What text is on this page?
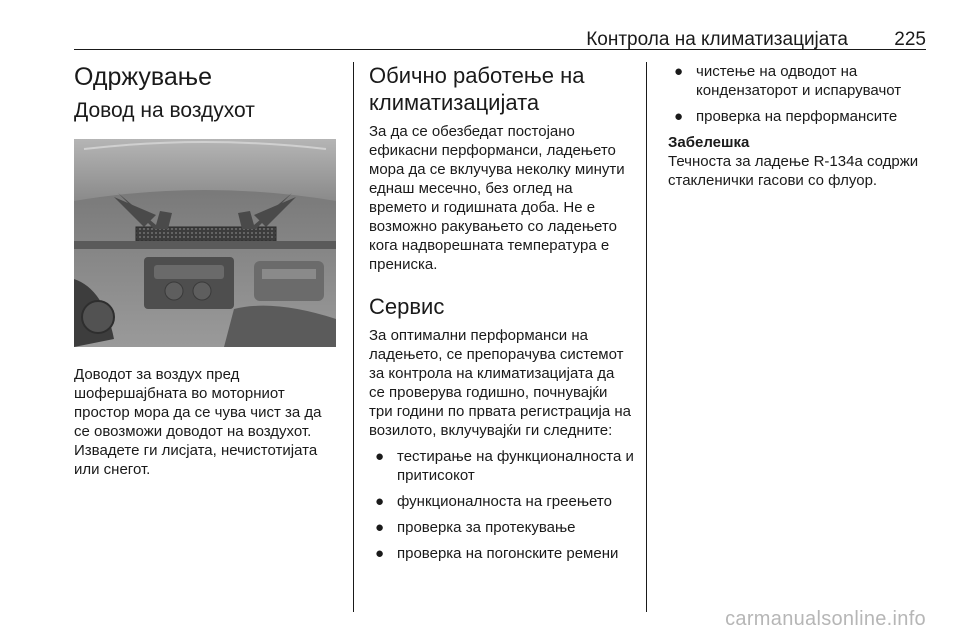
Контрола на климатизацијата 225
Одржување
Довод на воздухот

Доводот за воздух пред шофершајбната во моторниот простор мора да се чува чист за да се овозможи доводот на воздухот. Извадете ги лисјата, нечистотијата или снегот.

Обично работење на климатизацијата

За да се обезбедат постојано ефикасни перформанси, ладењето мора да се вклучува неколку минути еднаш месечно, без оглед на времето и годишната доба. Не е возможно ракувањето со ладењето кога надворешната температура е прениска.

Сервис

За оптимални перформанси на ладењето, се препорачува системот за контрола на климатизацијата да се проверува годишно, почнувајќи три години по првата регистрација на возилото, вклучувајќи ги следните:

● тестирање на функционалноста и притисокот
● функционалноста на греењето
● проверка за протекување
● проверка на погонските ремени
● чистење на одводот на кондензаторот и испарувачот
● проверка на перформансите
Забелешка

Течноста за ладење R-134a содржи стакленички гасови со флуор.

carmanualsonline.info
